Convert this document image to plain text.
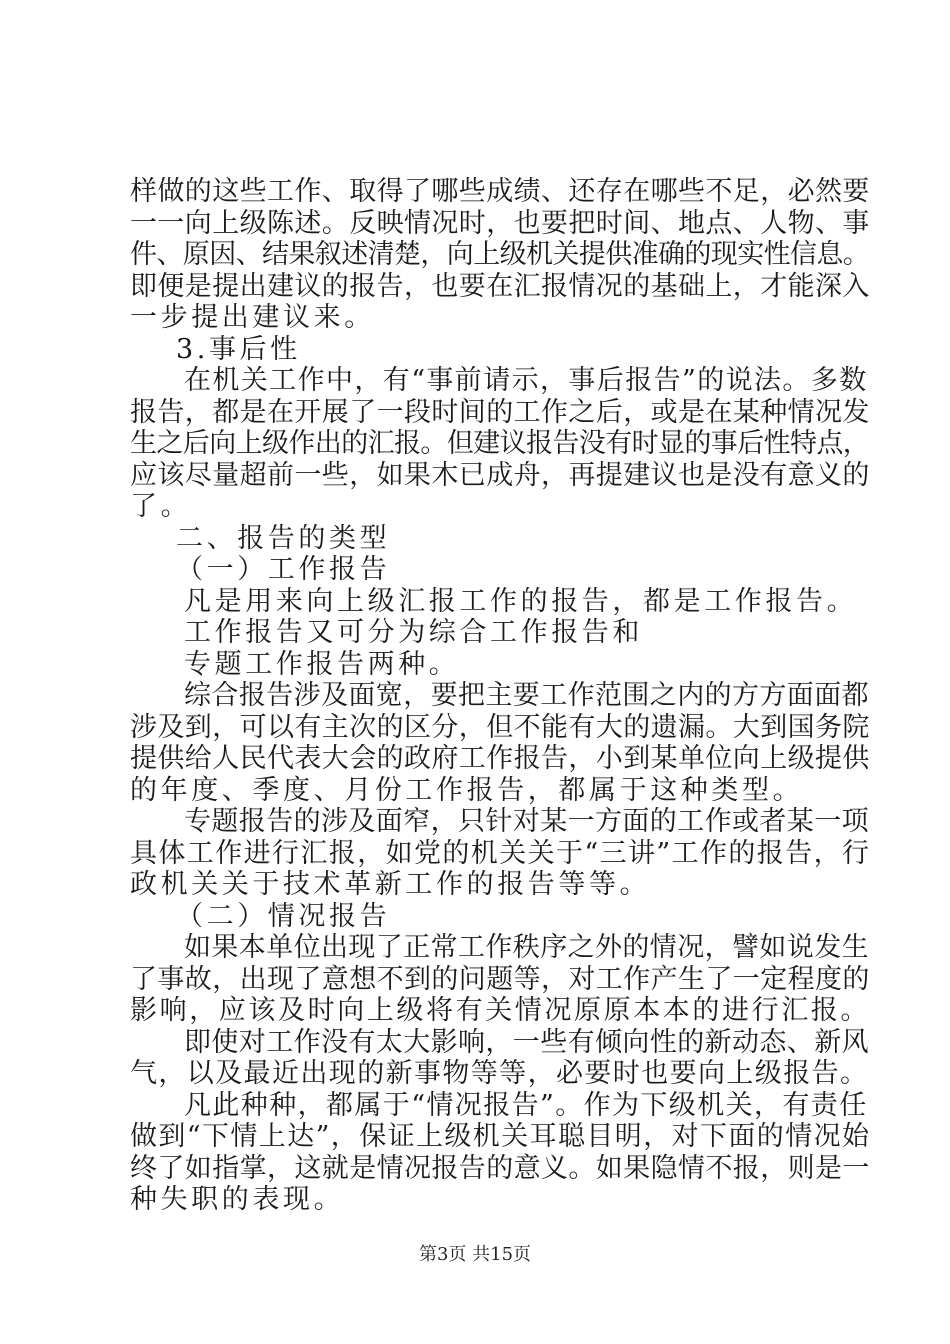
样做的这些工作、取得了哪些成绩、还存在哪些不足，必然要
一一向上级陈述。反映情况时，也要把时间、地点、人物、事
件、原因、结果叙述清楚，向上级机关提供准确的现实性信息。
即便是提出建议的报告，也要在汇报情况的基础上，才能深入
一步提出建议来。
3.事后性
在机关工作中，有“事前请示，事后报告”的说法。多数
报告，都是在开展了一段时间的工作之后，或是在某种情况发
生之后向上级作出的汇报。但建议报告没有时显的事后性特点，
应该尽量超前一些，如果木已成舟，再提建议也是没有意义的
了。
二、报告的类型
（一）工作报告
凡是用来向上级汇报工作的报告，都是工作报告。
工作报告又可分为综合工作报告和
专题工作报告两种。
综合报告涉及面宽，要把主要工作范围之内的方方面面都
涉及到，可以有主次的区分，但不能有大的遗漏。大到国务院
提供给人民代表大会的政府工作报告，小到某单位向上级提供
的年度、季度、月份工作报告，都属于这种类型。
专题报告的涉及面窄，只针对某一方面的工作或者某一项
具体工作进行汇报，如党的机关关于“三讲”工作的报告，行
政机关关于技术革新工作的报告等等。
（二）情况报告
如果本单位出现了正常工作秩序之外的情况，譬如说发生
了事故，出现了意想不到的问题等，对工作产生了一定程度的
影响，应该及时向上级将有关情况原原本本的进行汇报。
即使对工作没有太大影响，一些有倾向性的新动态、新风
气，以及最近出现的新事物等等，必要时也要向上级报告。
凡此种种，都属于“情况报告”。作为下级机关，有责任
做到“下情上达”，保证上级机关耳聪目明，对下面的情况始
终了如指掌，这就是情况报告的意义。如果隐情不报，则是一
种失职的表现。
第3页 共15页
